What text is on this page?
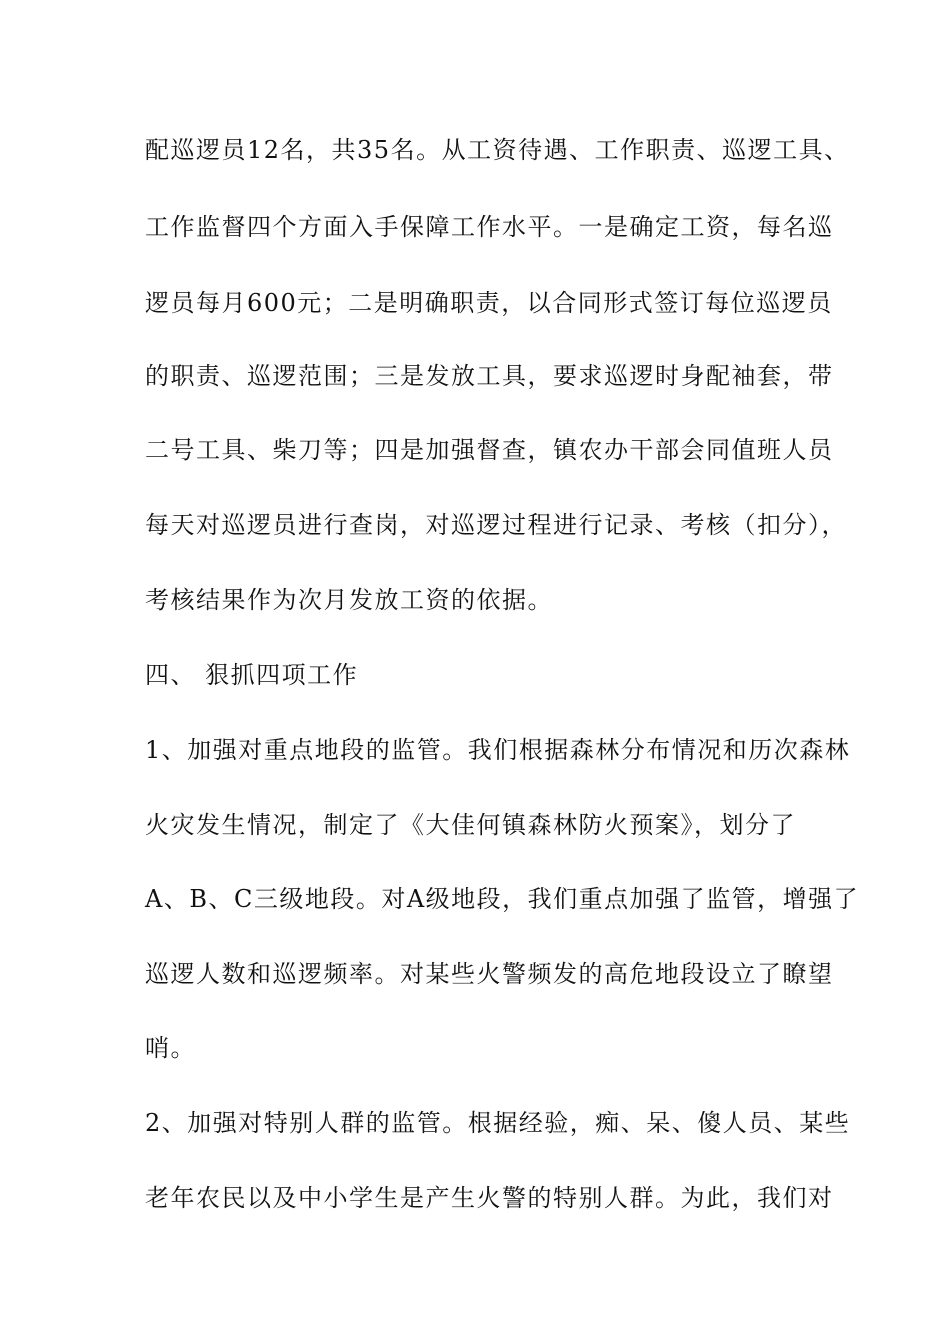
配巡逻员12名，共35名。从工资待遇、工作职责、巡逻工具、
工作监督四个方面入手保障工作水平。一是确定工资，每名巡
逻员每月600元；二是明确职责，以合同形式签订每位巡逻员
的职责、巡逻范围；三是发放工具，要求巡逻时身配袖套，带
二号工具、柴刀等；四是加强督查，镇农办干部会同值班人员
每天对巡逻员进行查岗，对巡逻过程进行记录、考核（扣分），
考核结果作为次月发放工资的依据。
四、 狠抓四项工作
1、加强对重点地段的监管。我们根据森林分布情况和历次森林
火灾发生情况，制定了《大佳何镇森林防火预案》，划分了
A、B、C三级地段。对A级地段，我们重点加强了监管，增强了
巡逻人数和巡逻频率。对某些火警频发的高危地段设立了瞭望
哨。
2、加强对特别人群的监管。根据经验，痴、呆、傻人员、某些
老年农民以及中小学生是产生火警的特别人群。为此，我们对
